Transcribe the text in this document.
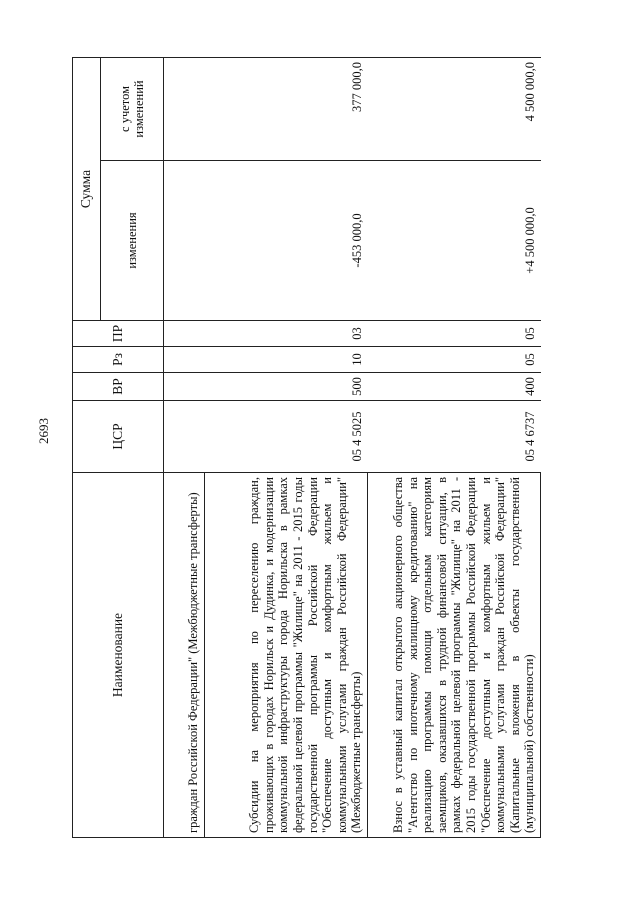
2693
Наименование	ЦСР	ВР	Рз	ПР	Сумма	
					изменения	с учетом изменений
граждан Российской Федерации" (Межбюджетные трансферты)						
Субсидии на мероприятия по переселению граждан, проживающих в городах Норильск и Дудинка, и модернизации коммунальной инфраструктуры города Норильска в рамках федеральной целевой программы "Жилище" на 2011 - 2015 годы государственной программы Российской Федерации "Обеспечение доступным и комфортным жильем и коммунальными услугами граждан Российской Федерации" (Межбюджетные трансферты)	05 4 5025	500	10	03	-453 000,0	377 000,0
Взнос в уставный капитал открытого акционерного общества "Агентство по ипотечному жилищному кредитованию" на реализацию программы помощи отдельным категориям заемщиков, оказавшихся в трудной финансовой ситуации, в рамках федеральной целевой программы "Жилище" на 2011 - 2015 годы государственной программы Российской Федерации "Обеспечение доступным и комфортным жильем и коммунальными услугами граждан Российской Федерации" (Капитальные вложения в объекты государственной (муниципальной) собственности)	05 4 6737	400	05	05	+4 500 000,0	4 500 000,0
